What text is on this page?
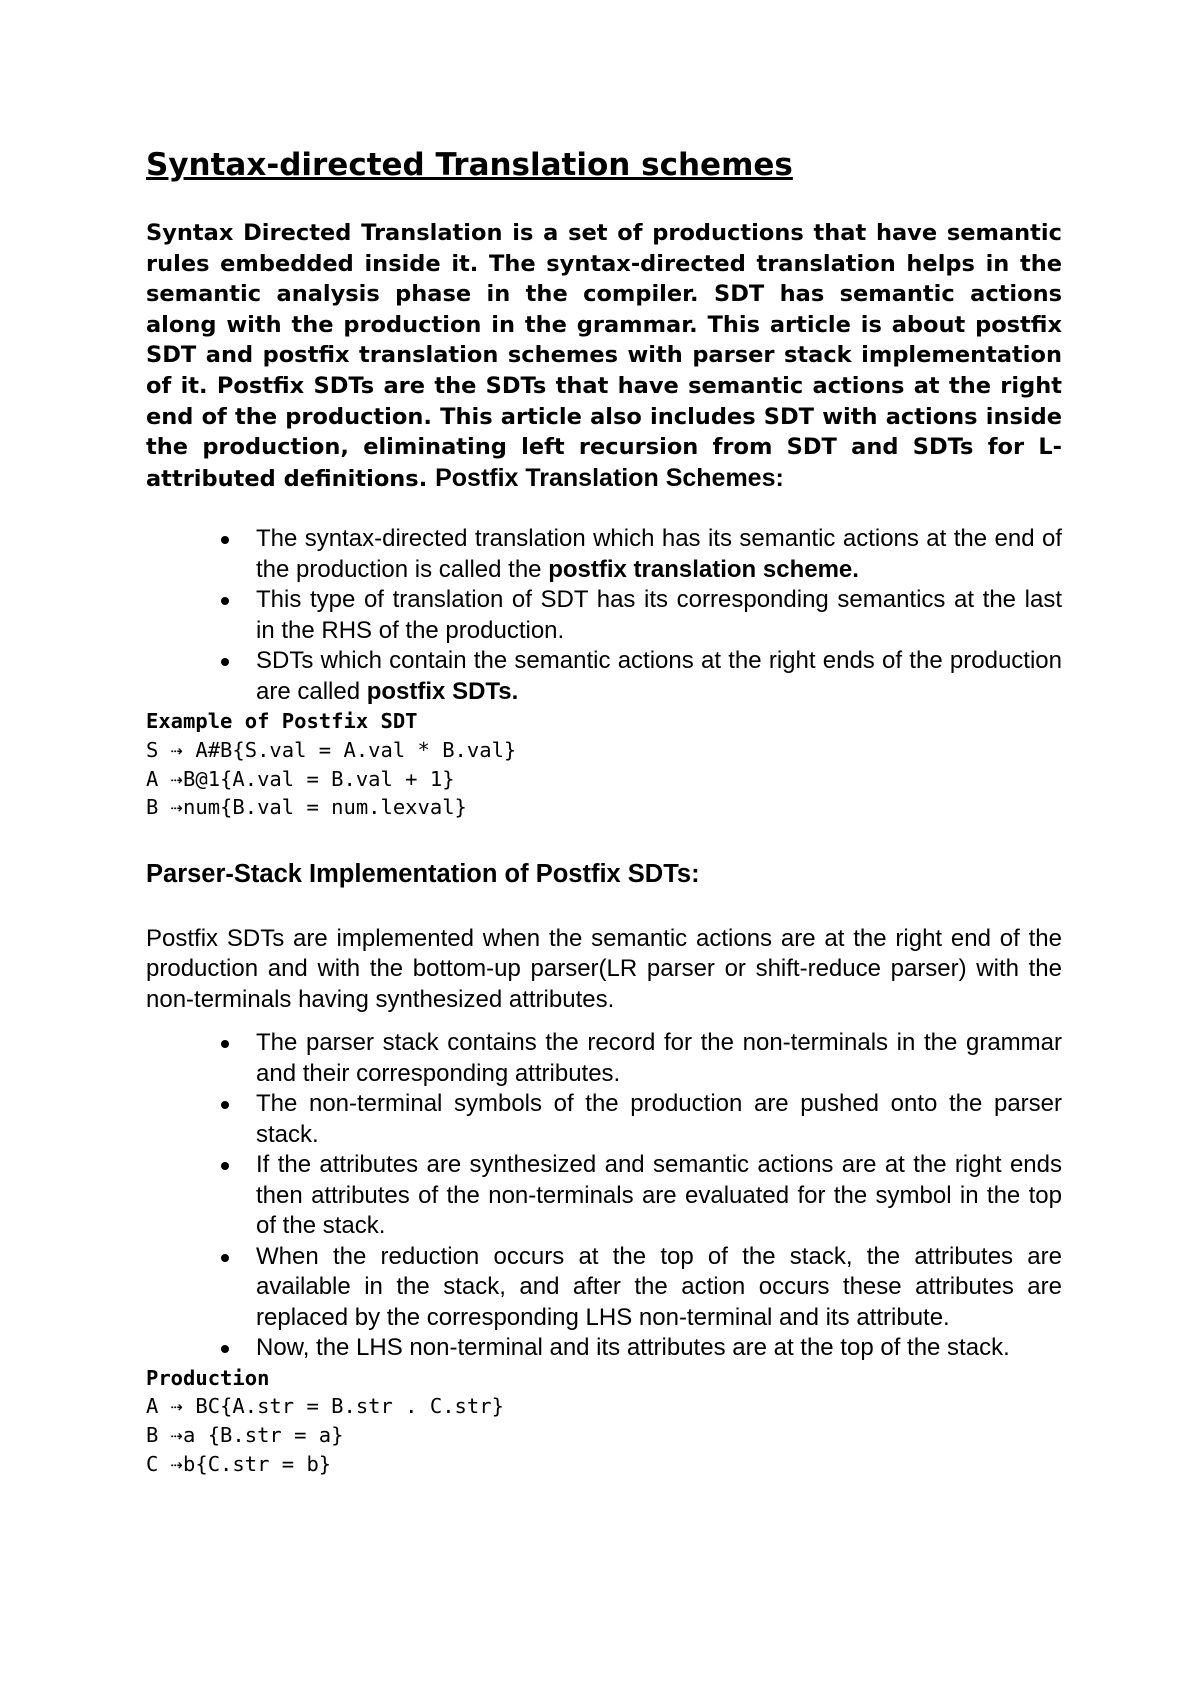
Syntax-directed Translation schemes

Syntax Directed Translation is a set of productions that have semantic rules embedded inside it. The syntax-directed translation helps in the semantic analysis phase in the compiler. SDT has semantic actions along with the production in the grammar. This article is about postfix SDT and postfix translation schemes with parser stack implementation of it. Postfix SDTs are the SDTs that have semantic actions at the right end of the production. This article also includes SDT with actions inside the production, eliminating left recursion from SDT and SDTs for L-attributed definitions. Postfix Translation Schemes:

The syntax-directed translation which has its semantic actions at the end of the production is called the postfix translation scheme.
This type of translation of SDT has its corresponding semantics at the last in the RHS of the production.
SDTs which contain the semantic actions at the right ends of the production are called postfix SDTs.
Example of Postfix SDT
S ⇢ A#B{S.val = A.val * B.val}
A ⇢B@1{A.val = B.val + 1}
B ⇢num{B.val = num.lexval}
Parser-Stack Implementation of Postfix SDTs:

Postfix SDTs are implemented when the semantic actions are at the right end of the production and with the bottom-up parser(LR parser or shift-reduce parser) with the non-terminals having synthesized attributes.

The parser stack contains the record for the non-terminals in the grammar and their corresponding attributes.
The non-terminal symbols of the production are pushed onto the parser stack.
If the attributes are synthesized and semantic actions are at the right ends then attributes of the non-terminals are evaluated for the symbol in the top of the stack.
When the reduction occurs at the top of the stack, the attributes are available in the stack, and after the action occurs these attributes are replaced by the corresponding LHS non-terminal and its attribute.
Now, the LHS non-terminal and its attributes are at the top of the stack.
Production
A ⇢ BC{A.str = B.str . C.str}
B ⇢a {B.str = a}
C ⇢b{C.str = b}
